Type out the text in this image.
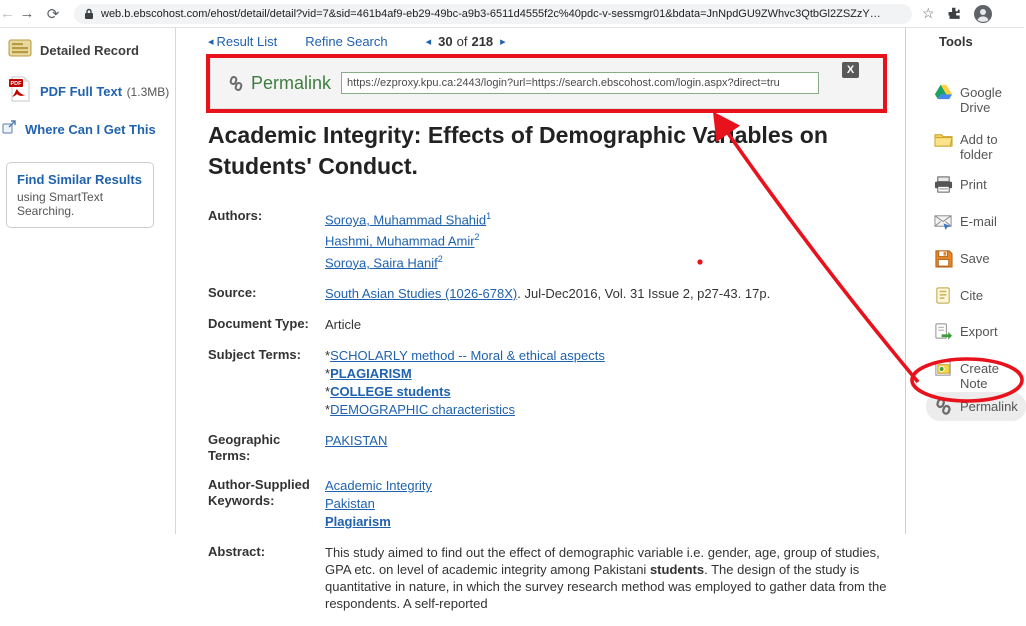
← → ⟳	web.b.ebscohost.com/ehost/detail/detail?vid=7&sid=461b4af9-eb29-49bc-a9b3-6511d4555f2c%40pdc-v-sessmgr01&bdata=JnNpdGU9ZWhvc3QtbGl2ZSZzY…	☆
Detailed Record
PDF PDF Full Text (1.3MB)
Where Can I Get This
Find Similar Results
using SmartText Searching.
◂ Result List Refine Search	◂ 30 of 218 ▸
Permalink
https://ezproxy.kpu.ca:2443/login?url=https://search.ebscohost.com/login.aspx?direct=tru
X
Academic Integrity: Effects of Demographic Variables on Students' Conduct.
Authors:	Soroya, Muhammad Shahid$^1$
Hashmi, Muhammad Amir$^2$
Soroya, Saira Hanif$^2$
Source:	South Asian Studies (1026-678X). Jul-Dec2016, Vol. 31 Issue 2, p27-43. 17p.
Document Type:	Article
Subject Terms:	*SCHOLARLY method -- Moral & ethical aspects
*PLAGIARISM
*COLLEGE students
*DEMOGRAPHIC characteristics
Geographic Terms:
PAKISTAN
Author-Supplied
Keywords:
Academic Integrity
Pakistan
Plagiarism
Abstract:	This study aimed to find out the effect of demographic variable i.e. gender, age, group of studies, GPA etc. on level of academic integrity among Pakistani students. The design of the study is quantitative in nature, in which the survey research method was employed to gather data from the respondents. A self-reported
Tools
Google
Drive
Add to
folder
Print
E-mail
Save
Cite
Export
Create Note
Permalink
